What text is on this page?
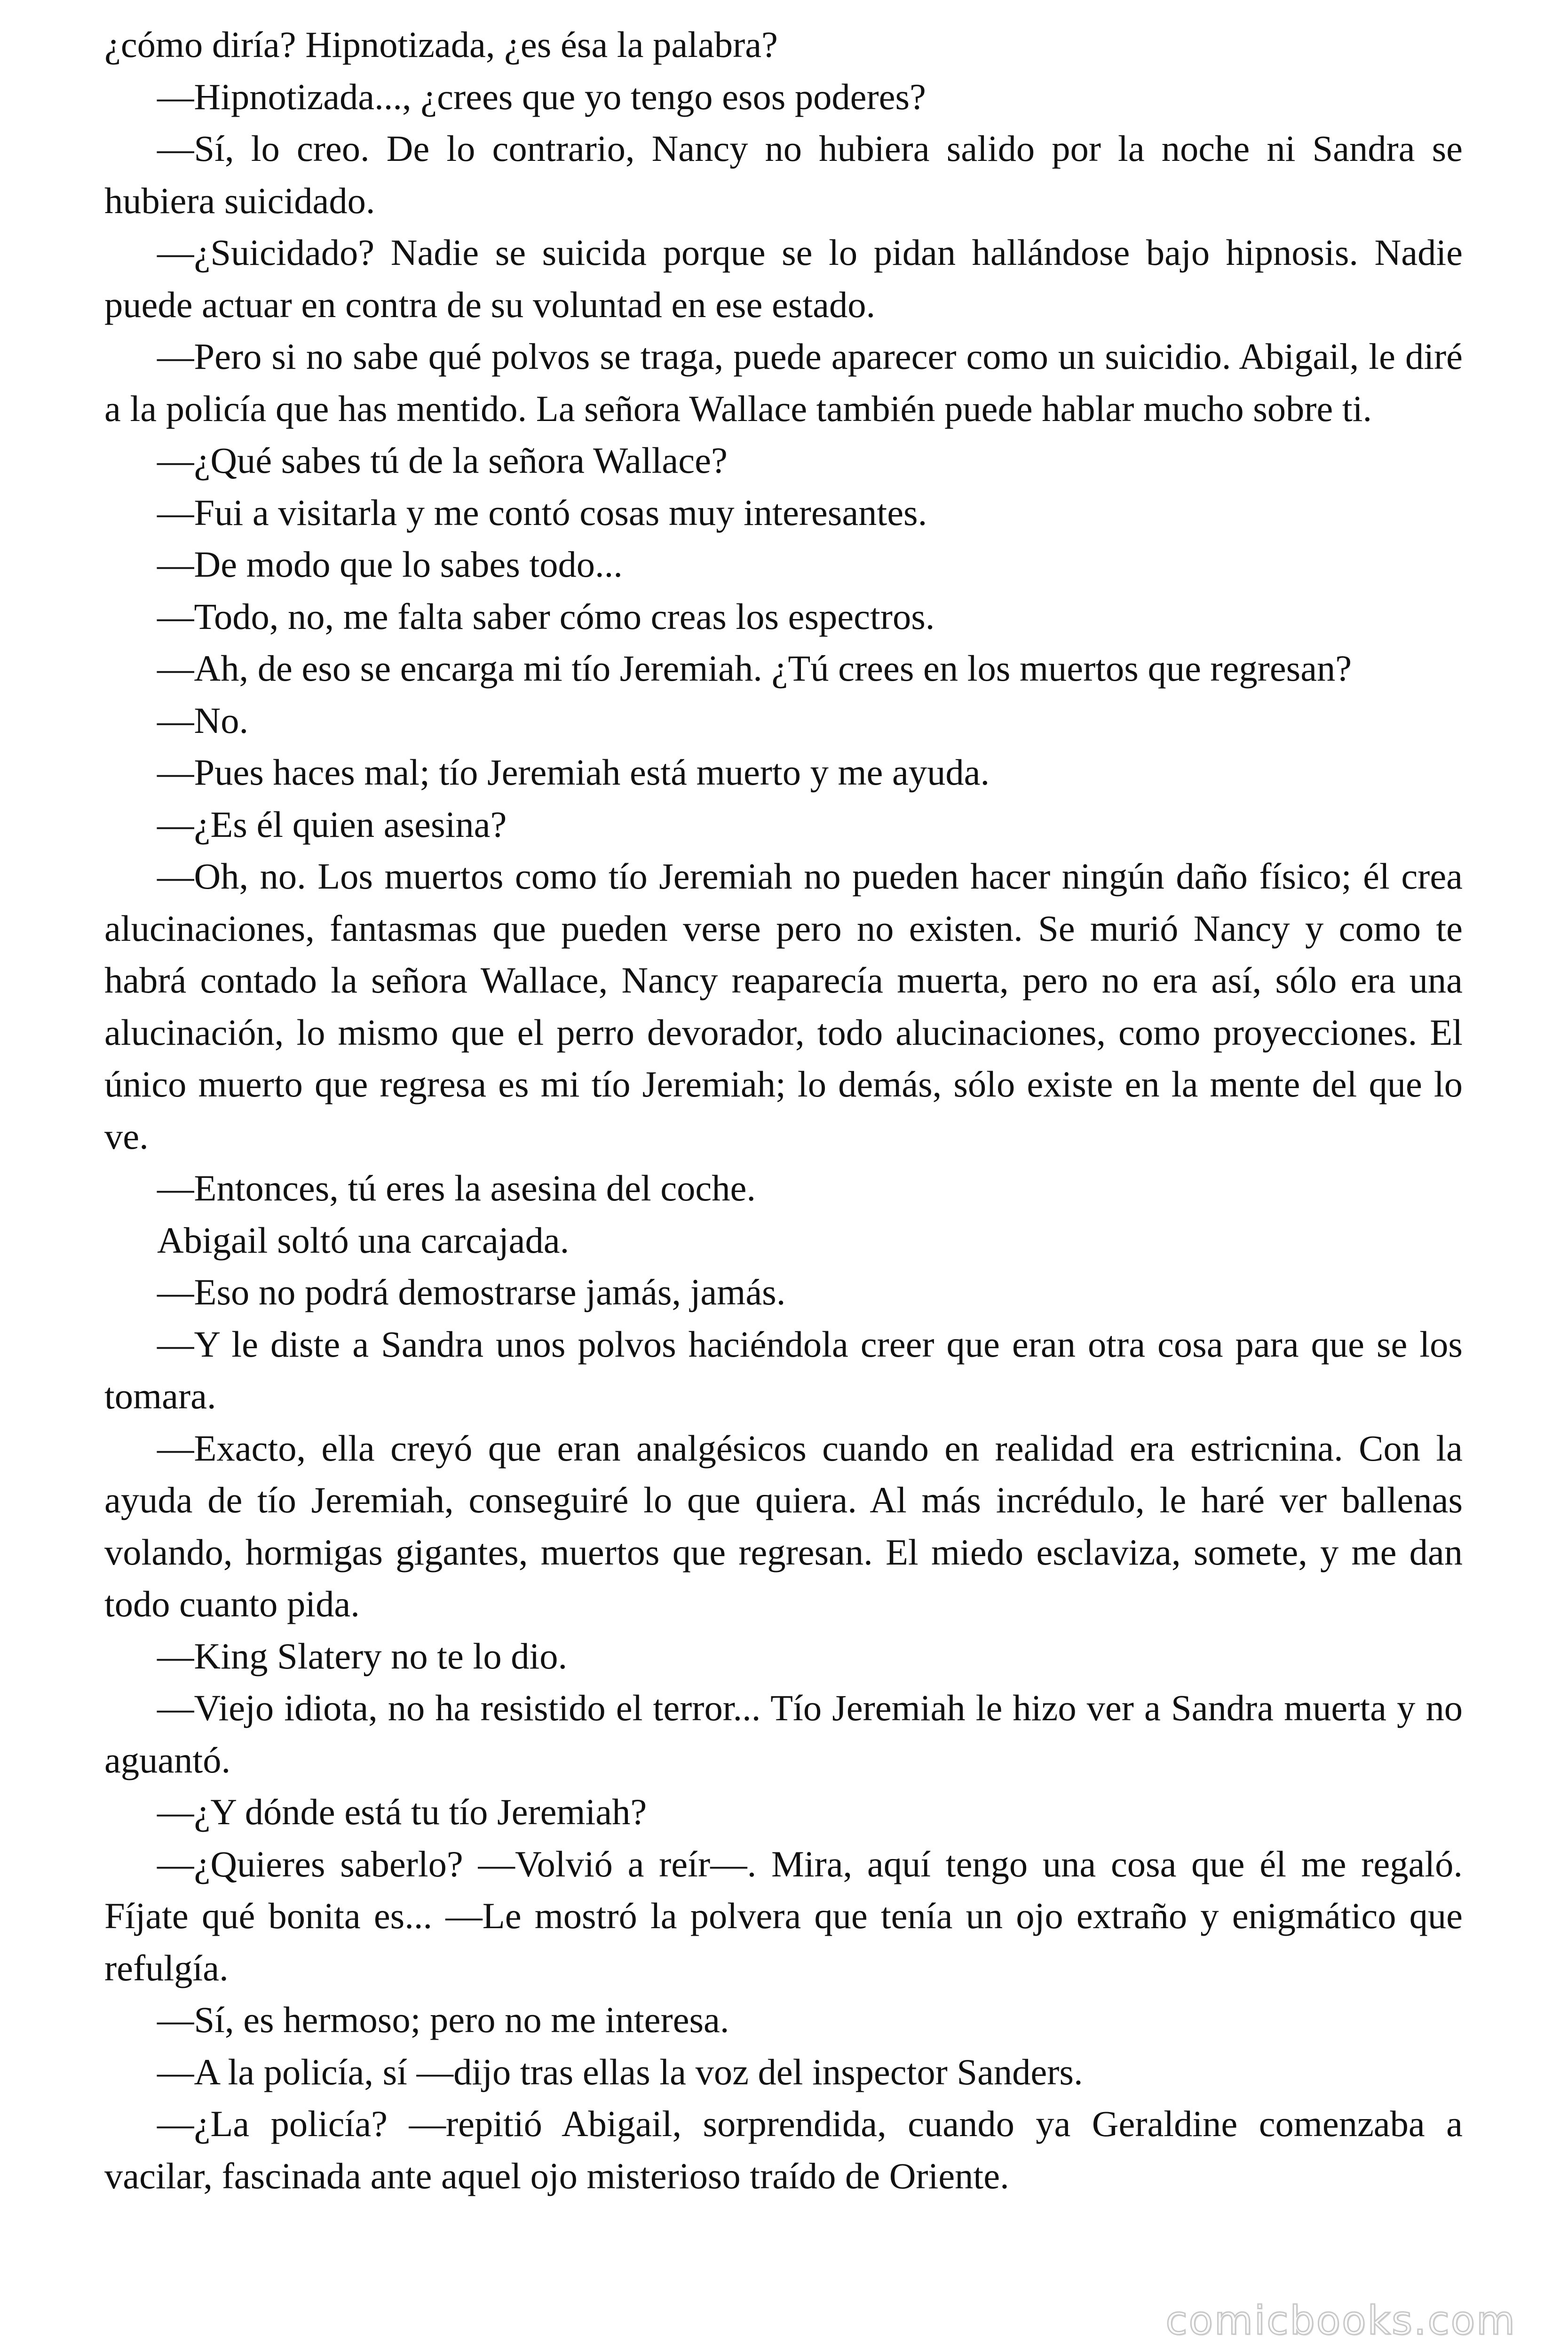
¿cómo diría? Hipnotizada, ¿es ésa la palabra?

—Hipnotizada..., ¿crees que yo tengo esos poderes?

—Sí, lo creo. De lo contrario, Nancy no hubiera salido por la noche ni Sandra se hubiera suicidado.

—¿Suicidado? Nadie se suicida porque se lo pidan hallándose bajo hipnosis. Nadie puede actuar en contra de su voluntad en ese estado.

—Pero si no sabe qué polvos se traga, puede aparecer como un suicidio. Abigail, le diré a la policía que has mentido. La señora Wallace también puede hablar mucho sobre ti.

—¿Qué sabes tú de la señora Wallace?

—Fui a visitarla y me contó cosas muy interesantes.

—De modo que lo sabes todo...

—Todo, no, me falta saber cómo creas los espectros.

—Ah, de eso se encarga mi tío Jeremiah. ¿Tú crees en los muertos que regresan?

—No.

—Pues haces mal; tío Jeremiah está muerto y me ayuda.

—¿Es él quien asesina?

—Oh, no. Los muertos como tío Jeremiah no pueden hacer ningún daño físico; él crea alucinaciones, fantasmas que pueden verse pero no existen. Se murió Nancy y como te habrá contado la señora Wallace, Nancy reaparecía muerta, pero no era así, sólo era una alucinación, lo mismo que el perro devorador, todo alucinaciones, como proyecciones. El único muerto que regresa es mi tío Jeremiah; lo demás, sólo existe en la mente del que lo ve.

—Entonces, tú eres la asesina del coche.

Abigail soltó una carcajada.

—Eso no podrá demostrarse jamás, jamás.

—Y le diste a Sandra unos polvos haciéndola creer que eran otra cosa para que se los tomara.

—Exacto, ella creyó que eran analgésicos cuando en realidad era estricnina. Con la ayuda de tío Jeremiah, conseguiré lo que quiera. Al más incrédulo, le haré ver ballenas volando, hormigas gigantes, muertos que regresan. El miedo esclaviza, somete, y me dan todo cuanto pida.

—King Slatery no te lo dio.

—Viejo idiota, no ha resistido el terror... Tío Jeremiah le hizo ver a Sandra muerta y no aguantó.

—¿Y dónde está tu tío Jeremiah?

—¿Quieres saberlo? —Volvió a reír—. Mira, aquí tengo una cosa que él me regaló. Fíjate qué bonita es... —Le mostró la polvera que tenía un ojo extraño y enigmático que refulgía.

—Sí, es hermoso; pero no me interesa.

—A la policía, sí —dijo tras ellas la voz del inspector Sanders.

—¿La policía? —repitió Abigail, sorprendida, cuando ya Geraldine comenzaba a vacilar, fascinada ante aquel ojo misterioso traído de Oriente.

comicbooks.com
